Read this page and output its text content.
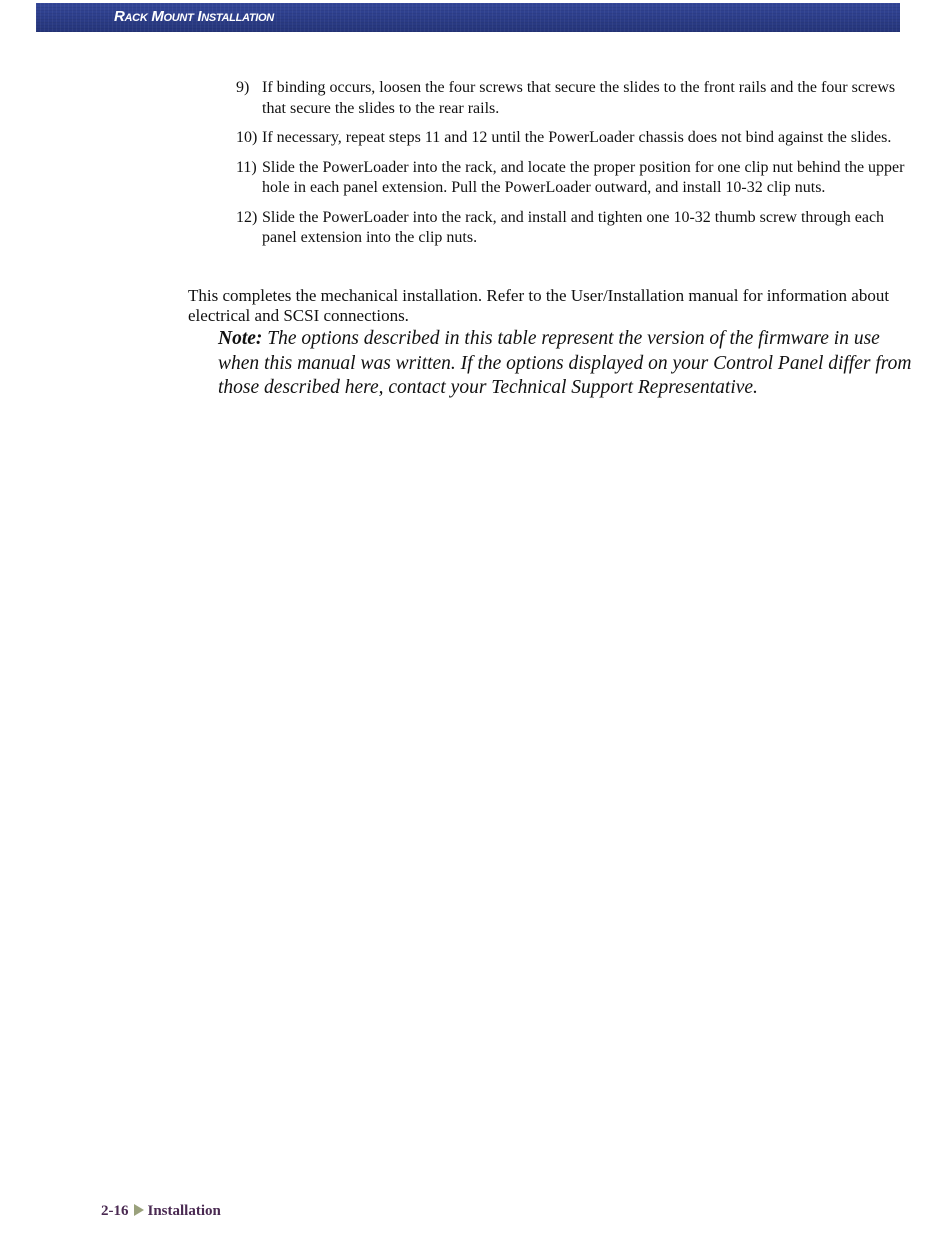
Rack Mount Installation
9) If binding occurs, loosen the four screws that secure the slides to the front rails and the four screws that secure the slides to the rear rails.
10) If necessary, repeat steps 11 and 12 until the PowerLoader chassis does not bind against the slides.
11) Slide the PowerLoader into the rack, and locate the proper position for one clip nut behind the upper hole in each panel extension. Pull the PowerLoader outward, and install 10-32 clip nuts.
12) Slide the PowerLoader into the rack, and install and tighten one 10-32 thumb screw through each panel extension into the clip nuts.
This completes the mechanical installation. Refer to the User/Installation manual for information about electrical and SCSI connections.
Note: The options described in this table represent the version of the firmware in use when this manual was written. If the options displayed on your Control Panel differ from those described here, contact your Technical Support Representative.
2-16 Installation
